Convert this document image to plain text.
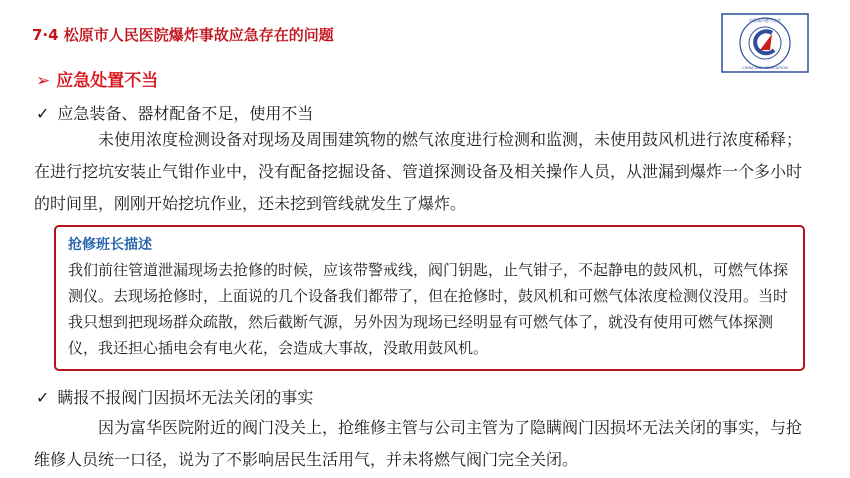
7·4 松原市人民医院爆炸事故应急存在的问题
中国城市燃气协会
CHINA GAS ASSOCIATION
➢ 应急处置不当
✓ 应急装备、器材配备不足，使用不当

未使用浓度检测设备对现场及周围建筑物的燃气浓度进行检测和监测，未使用鼓风机进行浓度稀释；在进行挖坑安装止气钳作业中，没有配备挖掘设备、管道探测设备及相关操作人员，从泄漏到爆炸一个多小时的时间里，刚刚开始挖坑作业，还未挖到管线就发生了爆炸。

抢修班长描述

我们前往管道泄漏现场去抢修的时候，应该带警戒线，阀门钥匙，止气钳子，不起静电的鼓风机，可燃气体探测仪。去现场抢修时，上面说的几个设备我们都带了，但在抢修时，鼓风机和可燃气体浓度检测仪没用。当时我只想到把现场群众疏散，然后截断气源，另外因为现场已经明显有可燃气体了，就没有使用可燃气体探测仪，我还担心插电会有电火花，会造成大事故，没敢用鼓风机。

✓ 瞒报不报阀门因损坏无法关闭的事实

因为富华医院附近的阀门没关上，抢维修主管与公司主管为了隐瞒阀门因损坏无法关闭的事实，与抢维修人员统一口径，说为了不影响居民生活用气，并未将燃气阀门完全关闭。
